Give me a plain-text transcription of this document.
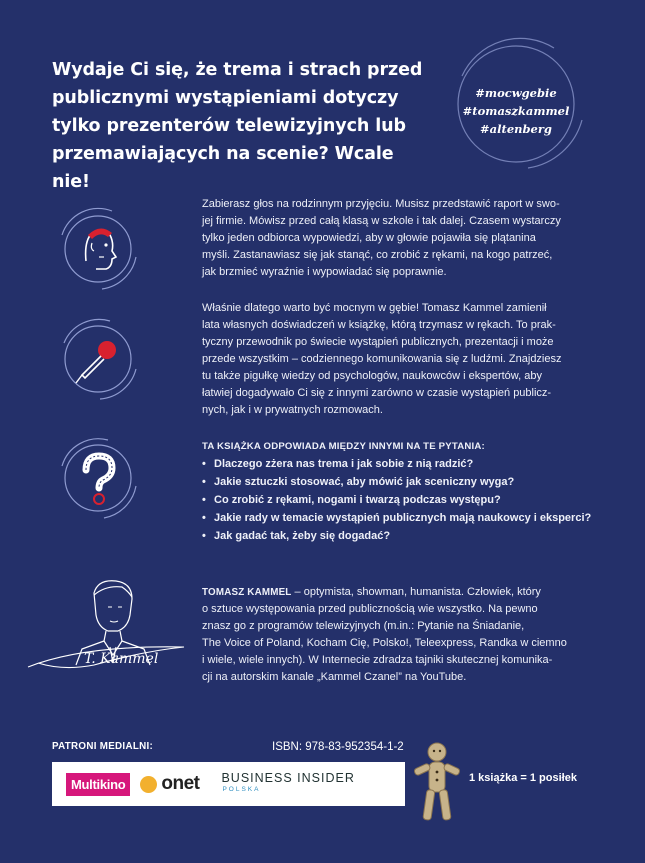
Wydaje Ci się, że trema i strach przed publicznymi wystąpieniami dotyczy tylko prezenterów telewizyjnych lub przemawiających na scenie? Wcale nie!
#mocwgebie
#tomaszkammel
#altenberg
T. Kammel
Zabierasz głos na rodzinnym przyjęciu. Musisz przedstawić raport w swo-
jej firmie. Mówisz przed całą klasą w szkole i tak dalej. Czasem wystarczy
tylko jeden odbiorca wypowiedzi, aby w głowie pojawiła się plątanina
myśli. Zastanawiasz się jak stanąć, co zrobić z rękami, na kogo patrzeć,
jak brzmieć wyraźnie i wypowiadać się poprawnie.
Właśnie dlatego warto być mocnym w gębie! Tomasz Kammel zamienił
lata własnych doświadczeń w książkę, którą trzymasz w rękach. To prak-
tyczny przewodnik po świecie wystąpień publicznych, prezentacji i może
przede wszystkim – codziennego komunikowania się z ludźmi. Znajdziesz
tu także pigułkę wiedzy od psychologów, naukowców i ekspertów, aby
łatwiej dogadywało Ci się z innymi zarówno w czasie wystąpień publicz-
nych, jak i w prywatnych rozmowach.
TA KSIĄŻKA ODPOWIADA MIĘDZY INNYMI NA TE PYTANIA:
• Dlaczego zżera nas trema i jak sobie z nią radzić?
• Jakie sztuczki stosować, aby mówić jak sceniczny wyga?
• Co zrobić z rękami, nogami i twarzą podczas występu?
• Jakie rady w temacie wystąpień publicznych mają naukowcy i eksperci?
• Jak gadać tak, żeby się dogadać?
TOMASZ KAMMEL – optymista, showman, humanista. Człowiek, który
o sztuce występowania przed publicznością wie wszystko. Na pewno
znasz go z programów telewizyjnych (m.in.: Pytanie na Śniadanie,
The Voice of Poland, Kocham Cię, Polsko!, Teleexpress, Randka w ciemno
i wiele, wiele innych). W Internecie zdradza tajniki skutecznej komunika-
cji na autorskim kanale „Kammel Czanel” na YouTube.
PATRONI MEDIALNI:	ISBN: 978-83-952354-1-2
Multikino onet BUSINESS INSIDER
POLSKA
1 książka = 1 posiłek
